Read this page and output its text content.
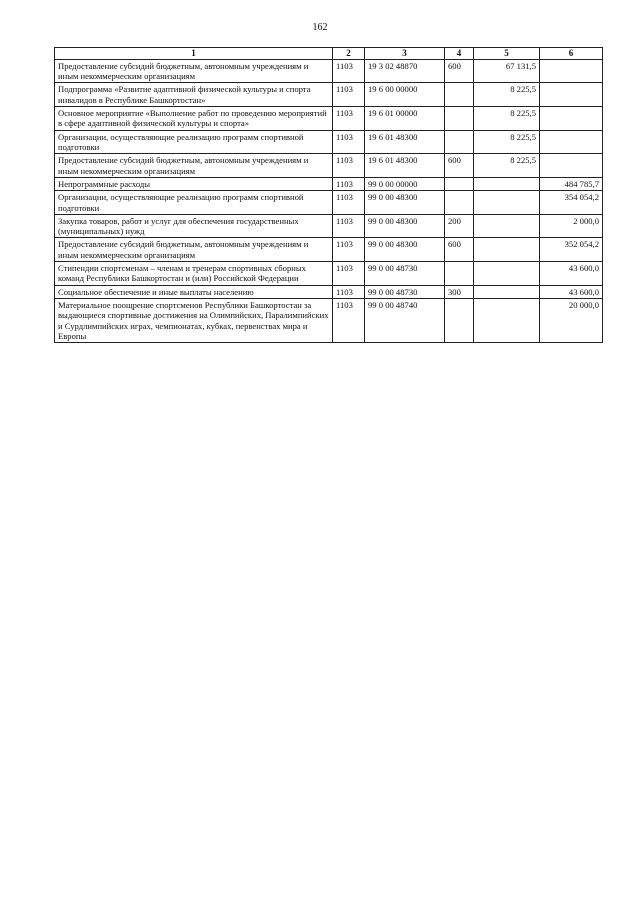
162
1	2	3	4	5	6
Предоставление субсидий бюджетным, автономным учреждениям и иным некоммерческим организациям	1103	19 3 02 48870	600	67 131,5	
Подпрограмма «Развитие адаптивной физической культуры и спорта инвалидов в Республике Башкортостан»	1103	19 6 00 00000		8 225,5	
Основное мероприятие «Выполнение работ по проведению мероприятий в сфере адаптивной физической культуры и спорта»	1103	19 6 01 00000		8 225,5	
Организации, осуществляющие реализацию программ спортивной подготовки	1103	19 6 01 48300		8 225,5	
Предоставление субсидий бюджетным, автономным учреждениям и иным некоммерческим организациям	1103	19 6 01 48300	600	8 225,5	
Непрограммные расходы	1103	99 0 00 00000			484 785,7
Организации, осуществляющие реализацию программ спортивной подготовки	1103	99 0 00 48300			354 054,2
Закупка товаров, работ и услуг для обеспечения государственных (муниципальных) нужд	1103	99 0 00 48300	200		2 000,0
Предоставление субсидий бюджетным, автономным учреждениям и иным некоммерческим организациям	1103	99 0 00 48300	600		352 054,2
Стипендии спортсменам – членам и тренерам спортивных сборных команд Республики Башкортостан и (или) Российской Федерации	1103	99 0 00 48730			43 600,0
Социальное обеспечение и иные выплаты населению	1103	99 0 00 48730	300		43 600,0
Материальное поощрение спортсменов Республики Башкортостан за выдающиеся спортивные достижения на Олимпийских, Паралимпийских и Сурдлимпийских играх, чемпионатах, кубках, первенствах мира и Европы	1103	99 0 00 48740			20 000,0
